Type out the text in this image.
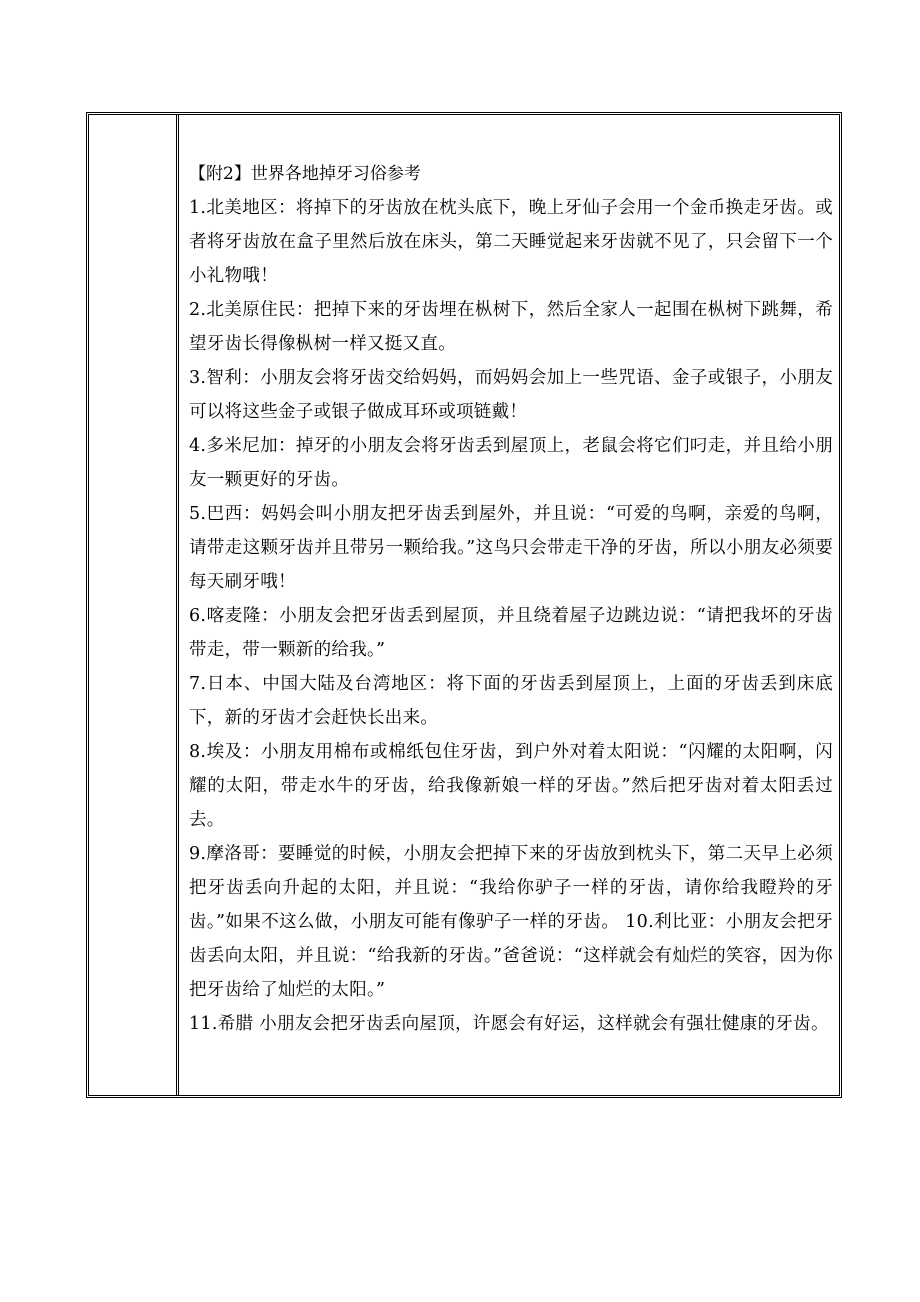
【附2】世界各地掉牙习俗参考

1.北美地区：将掉下的牙齿放在枕头底下，晚上牙仙子会用一个金币换走牙齿。或者将牙齿放在盒子里然后放在床头，第二天睡觉起来牙齿就不见了，只会留下一个小礼物哦！

2.北美原住民：把掉下来的牙齿埋在枞树下，然后全家人一起围在枞树下跳舞，希望牙齿长得像枞树一样又挺又直。

3.智利：小朋友会将牙齿交给妈妈，而妈妈会加上一些咒语、金子或银子，小朋友可以将这些金子或银子做成耳环或项链戴！

4.多米尼加：掉牙的小朋友会将牙齿丢到屋顶上，老鼠会将它们叼走，并且给小朋友一颗更好的牙齿。

5.巴西：妈妈会叫小朋友把牙齿丢到屋外，并且说：“可爱的鸟啊，亲爱的鸟啊，请带走这颗牙齿并且带另一颗给我。”这鸟只会带走干净的牙齿，所以小朋友必须要每天刷牙哦！

6.喀麦隆：小朋友会把牙齿丢到屋顶，并且绕着屋子边跳边说：“请把我坏的牙齿带走，带一颗新的给我。”

7.日本、中国大陆及台湾地区：将下面的牙齿丢到屋顶上，上面的牙齿丢到床底下，新的牙齿才会赶快长出来。

8.埃及：小朋友用棉布或棉纸包住牙齿，到户外对着太阳说：“闪耀的太阳啊，闪耀的太阳，带走水牛的牙齿，给我像新娘一样的牙齿。”然后把牙齿对着太阳丢过去。

9.摩洛哥：要睡觉的时候，小朋友会把掉下来的牙齿放到枕头下，第二天早上必须把牙齿丢向升起的太阳，并且说：“我给你驴子一样的牙齿，请你给我瞪羚的牙齿。”如果不这么做，小朋友可能有像驴子一样的牙齿。 10.利比亚：小朋友会把牙齿丢向太阳，并且说：“给我新的牙齿。”爸爸说：“这样就会有灿烂的笑容，因为你把牙齿给了灿烂的太阳。”

11.希腊 小朋友会把牙齿丢向屋顶，许愿会有好运，这样就会有强壮健康的牙齿。
